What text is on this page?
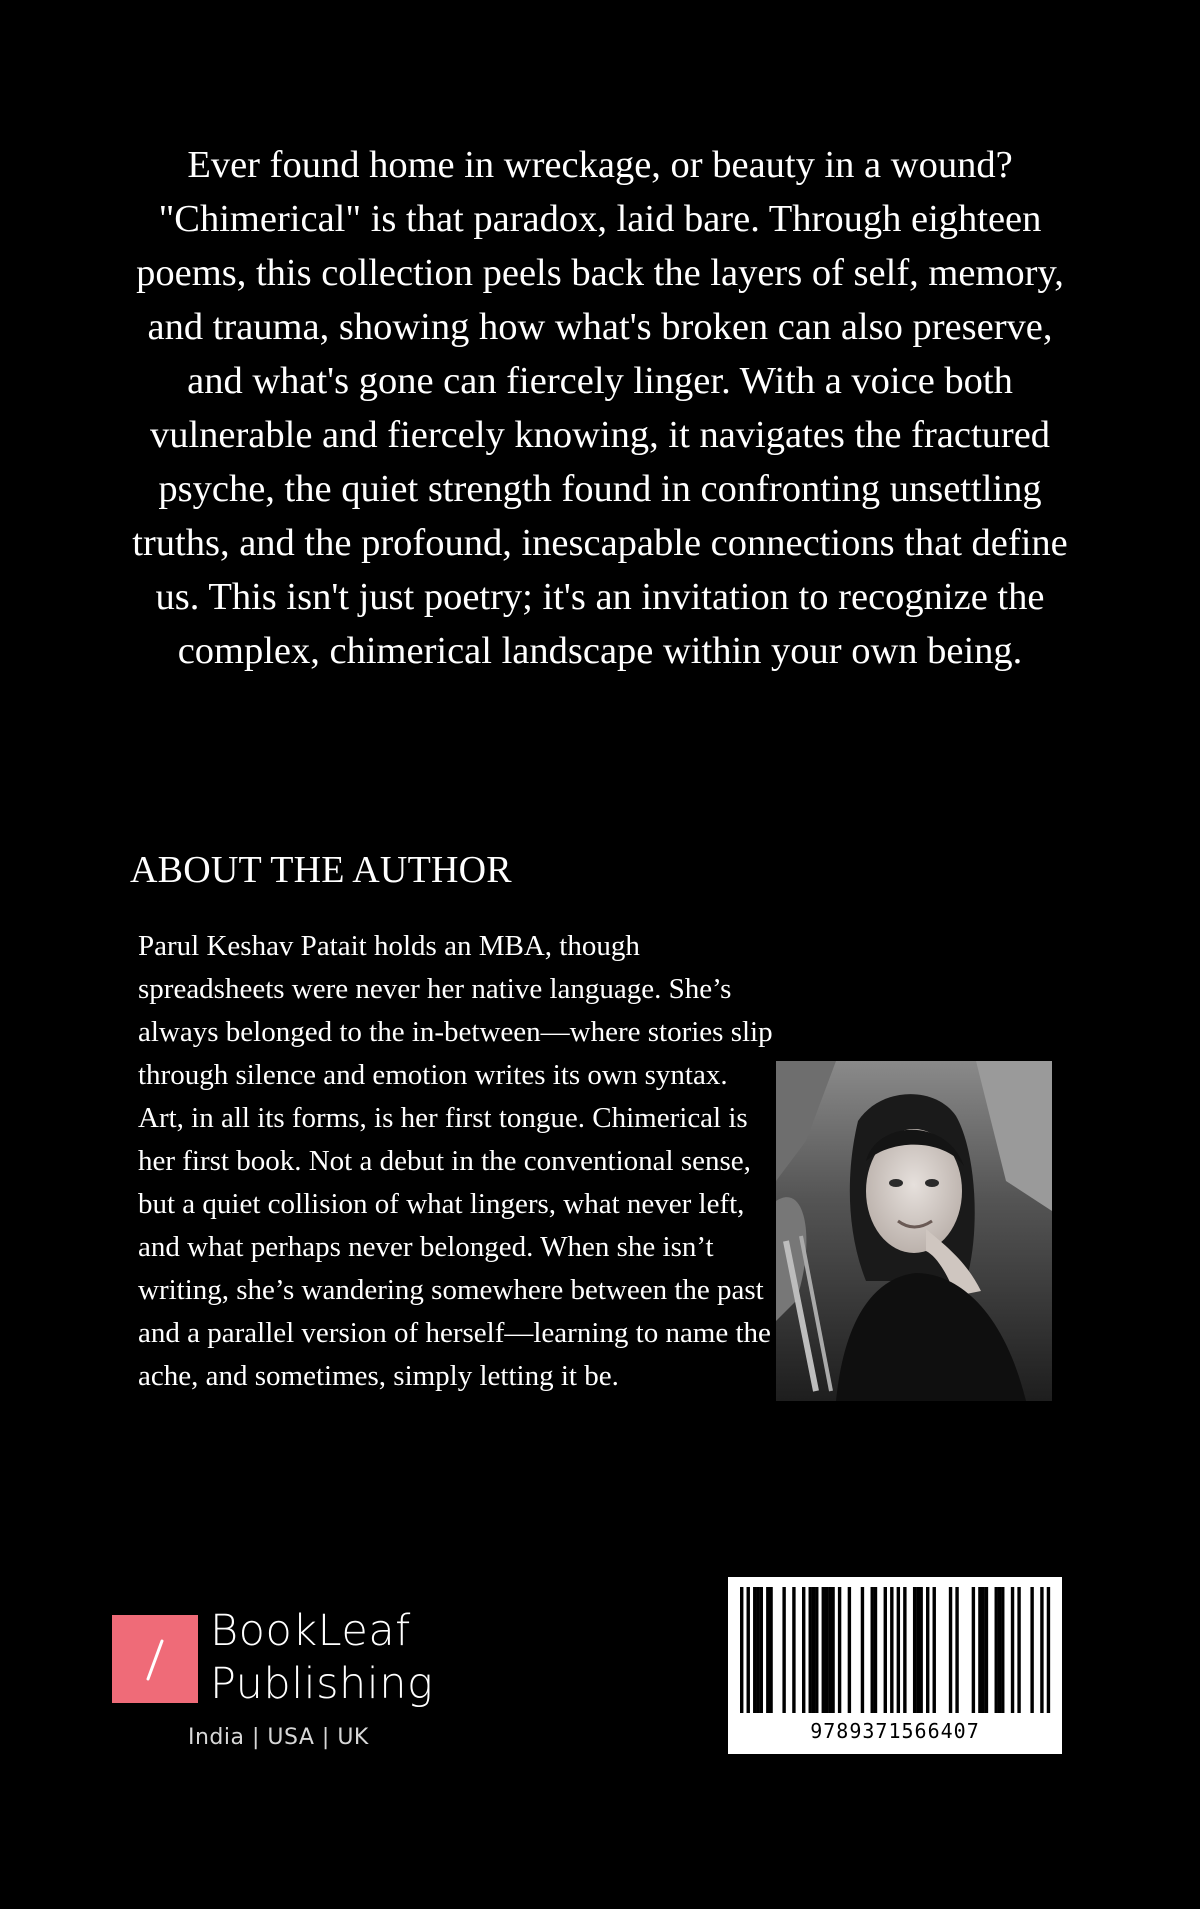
Ever found home in wreckage, or beauty in a wound? "Chimerical" is that paradox, laid bare. Through eighteen poems, this collection peels back the layers of self, memory, and trauma, showing how what's broken can also preserve, and what's gone can fiercely linger. With a voice both vulnerable and fiercely knowing, it navigates the fractured psyche, the quiet strength found in confronting unsettling truths, and the profound, inescapable connections that define us. This isn't just poetry; it's an invitation to recognize the complex, chimerical landscape within your own being.

ABOUT THE AUTHOR

Parul Keshav Patait holds an MBA, though spreadsheets were never her native language. She’s always belonged to the in-between—where stories slip through silence and emotion writes its own syntax. Art, in all its forms, is her first tongue. Chimerical is her first book. Not a debut in the conventional sense, but a quiet collision of what lingers, what never left, and what perhaps never belonged. When she isn’t writing, she’s wandering somewhere between the past and a parallel version of herself—learning to name the ache, and sometimes, simply letting it be.

BookLeaf
Publishing
India | USA | UK	9789371566407
